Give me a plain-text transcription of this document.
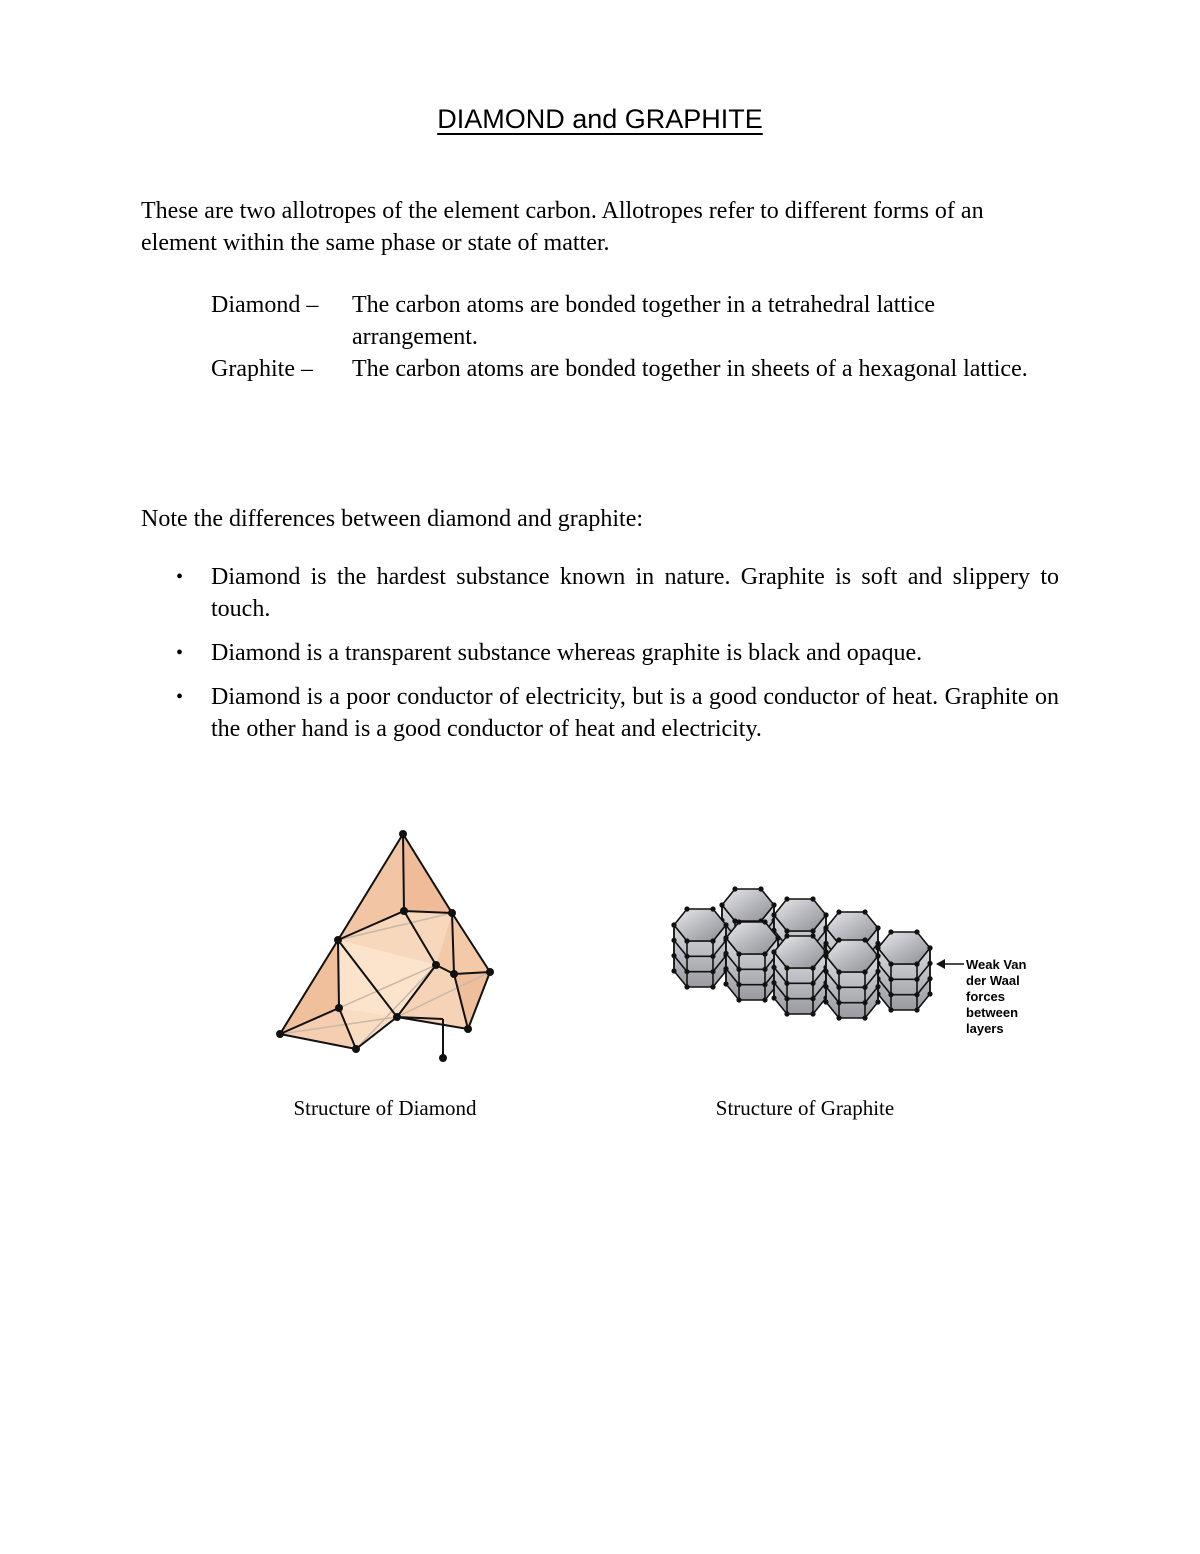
DIAMOND and GRAPHITE

These are two allotropes of the element carbon. Allotropes refer to different forms of an element within the same phase or state of matter.

Diamond –	The carbon atoms are bonded together in a tetrahedral lattice arrangement.
Graphite –	The carbon atoms are bonded together in sheets of a hexagonal lattice.

Note the differences between diamond and graphite:

• Diamond is the hardest substance known in nature. Graphite is soft and slippery to touch.
• Diamond is a transparent substance whereas graphite is black and opaque.
• Diamond is a poor conductor of electricity, but is a good conductor of heat. Graphite on the other hand is a good conductor of heat and electricity.
Structure of Diamond
Weak Van
der Waal
forces
between
layers
Structure of Graphite
